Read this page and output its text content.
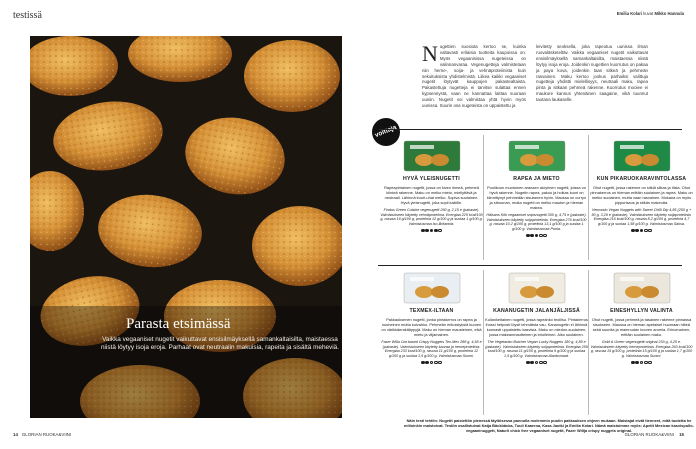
testissä
Parasta etsimässä
Vaikka vegaaniset nugetit vaikuttavat ensisilmäyksellä samankaltaisilta, maistaessa niistä löytyy isoja eroja. Parhaat ovat neutraalin makuisia, rapeita ja sisältä meheviä.
14 GLORIAN RUOKA&VIINI
Emilia Kolari kuvat Mikko Hannula
Nugettien suosiota kertoo se, kuinka valtavasti erilaisia tuotteita kaupoissa on. Myös vegaanisissa nugeteissa on valinnanvaraa. Vegenugetteja valmistetaan niin herne-, soija- ja vehnäproteiinista kuin sekoituksista yhdistelmistä. Liikea kaikki vegaaniset nugetit löytyvät kauppojen pakastealtaista. Pakastettuja nugetteja ei tarvitse sulattaa ennen kypsennystä, vaan ne kannattaa laittaa suoraan uuniin. Nugetit voi valmistaa yhtä hyvin myös uunissa. Suurin osa nugeteista on uppaistettu ja
leivitetty seoksella, joka rapeutuu uunissa ilman ruovaläsketeltäv. Vaikka vegaaniset nugetit vaikuttavat ensisilmäyksellä samankaltaisilta, maistaessa niistä löytyy isoja eroja. Joidenkin nugettien kuorrutus on pakaa ja paya kova, joidenkin taas sitkeä ja pehmeän rasvainen. Maku kertoo joskus parhaiksi valittuja nugetteja yhdistti mielellisyys, neutraali maku, rapea pinta ja sitkaan pehmeä rakenne. Kuorrutus mooiee ei maukore kannus yhtenäinen saagaine, vikä tuunnut taotana laukaselle.
voittaja
HYVÄ YLEISNUGETTI

Rapeapintainen nugetti, jossa on kiven ihmeä, pehmeä kiinteä rakenne. Maku on melko mieto, miellyttävä ja neutraali. Lähinnä kuori-uhat melko. Sopiva suolainen. Hyvä yleisnugetti, joka sopii kaikille.

Findus Green Cuisine vegenugetit 260 g, 2,15 e (pakaste). Valmistukseen käytetty vehnäproteiinia. Energiaa 225 kcal/100 g, rasvaa 16 g/100 g, proteiinia 12 g/100 g ja suolaa 1 g/100 g. Valmistusmaa Iso-Britannia.

RAPEA JA MIETO

Puolikuun muotoinen aranaen akryimen nugetti, joissa on hyvä rakenne. Nugetin rapea, pakuu ja hoikas kuori on kiinnittynyt pehmeään sisukseen hyvin. Maussa on curryn ja sitruunan, mutta nugetti on melko mauton ja hieman makea.

Hälsans Kök vegaaniset snipsnugetit 300 g, 4,75 e (pakaste). Valmistukseen käytetty soijaproteiinia. Energiaa 276 kcal/100 g, rasvaa 10,2 g/100 g, proteiinia 13,1 g/100 g ja suolaa 1 g/100 g. Valmistusmaa Puola.

KUN PIKARUOKARAVINTOLASSA

Ohut nugetti, jossa rakenne on sitkiä siikas ja tiisla. Ohut pinnakerros on hieman erittäin suolainen ja rapea. Maku on melko suolainen, mutta vaan rasvainen. Mukana on myös pippurisaus ja sitkän makeutta.

Vemondo Vegan Nuggets with Sweet Chilli Dip 4,85 (250 g + 50 g, 3,29 e (pakaste). Valmistukseen käytetty soijaproteiinia. Energiaa 216 kcal/100 g, rasvaa 8,2 g/100 g, proteiinia 4,7 g/100 g ja suolaa 1,58 g/100 g. Valmistusmaa Saksa.

TEXMEX-ILTAAN

Pakkauksenen nugetti, jonka pintakerros on rapea ja nouheinen mutta kuivahko. Pehmeän erikoistyksiä kuoren on värikkäerakitäppyjä. Maku on hieman mausteinen, eikä mieto ja viljamainen.

Fazer Willa Oat based Crispy Nuggets Tex-Mex 288 g, 4,65 e (pakaste). Valmistukseen käytetty kauraa ja herneproteiinia. Energiaa 233 kcal/100 g, rasvaa 11 g/100 g, proteiinia 12 g/100 g ja suolaa 1,5 g/100 g. Valmistusmaa Suomi.

KANANUGETIN JALANJÄLJISSÄ

Kullankeltainen nugetti, jossa rapeahko teollisu. Pintakerros ihossi hetposti löysit lehmätsta vau. Kananugetin ei lähinnä kunnasti uppaistettu kasvisia. Maku on miedon-suolainen, jossa makeanmautteinen ja briolleinen. Aiko suolainen.

The Vegetarian Butcher Vegan Lucky Nuggets 180 g, 4,89 e (pakaste). Valmistukseen käytetty soijaproteiinia. Energiaa 259 kcal/100 g, rasvaa 11 g/100 g, proteiinia 9 g/100 g ja suolaa 1,5 g/100 g. Valmistusmaa Alankomaat.

EINESHYLLYN VALINTA

Ohut nugetti, jossa pehmeä ja tasainen rakenne pinnassa sisukseen. Maussa on hieman apetaiset huomaan hiiteä sekä suuntia ja mamnudan kuoren aromia. Erinomainen, erittäin suolainen maku.

Gold & Green vegenugetit original 230 g, 4,25 e. Valmistukseen käytetty herneproteiinia. Energiaa 263 kcal/100 g, rasvaa 15 g/100 g, proteiinia 15 g/100 g ja suolaa 1,7 g/100 g. Valmistusmaa Suomi.

Näin testi tehtiin: Nugetit paistettiin pienessä täyttösessa pannulla molemmin puolin pakkauksen ohjeen mukaan. Maistajat eivät tienneet, mitä tuotetta he milloinkin maistoivat. Testiin osallistuivat Katja Bäckbäcka, Tuuli Kaarena, Kasa Jaotki ja Emilia Kolari. Nämä maistoimme myös: Apetit Mexican kasvispullo-vegaaninuggett, Naturli chick free vegaaniset nugetit, Fazer Willja crispy nuggets original.
GLORIAN RUOKA&VIINI 15
